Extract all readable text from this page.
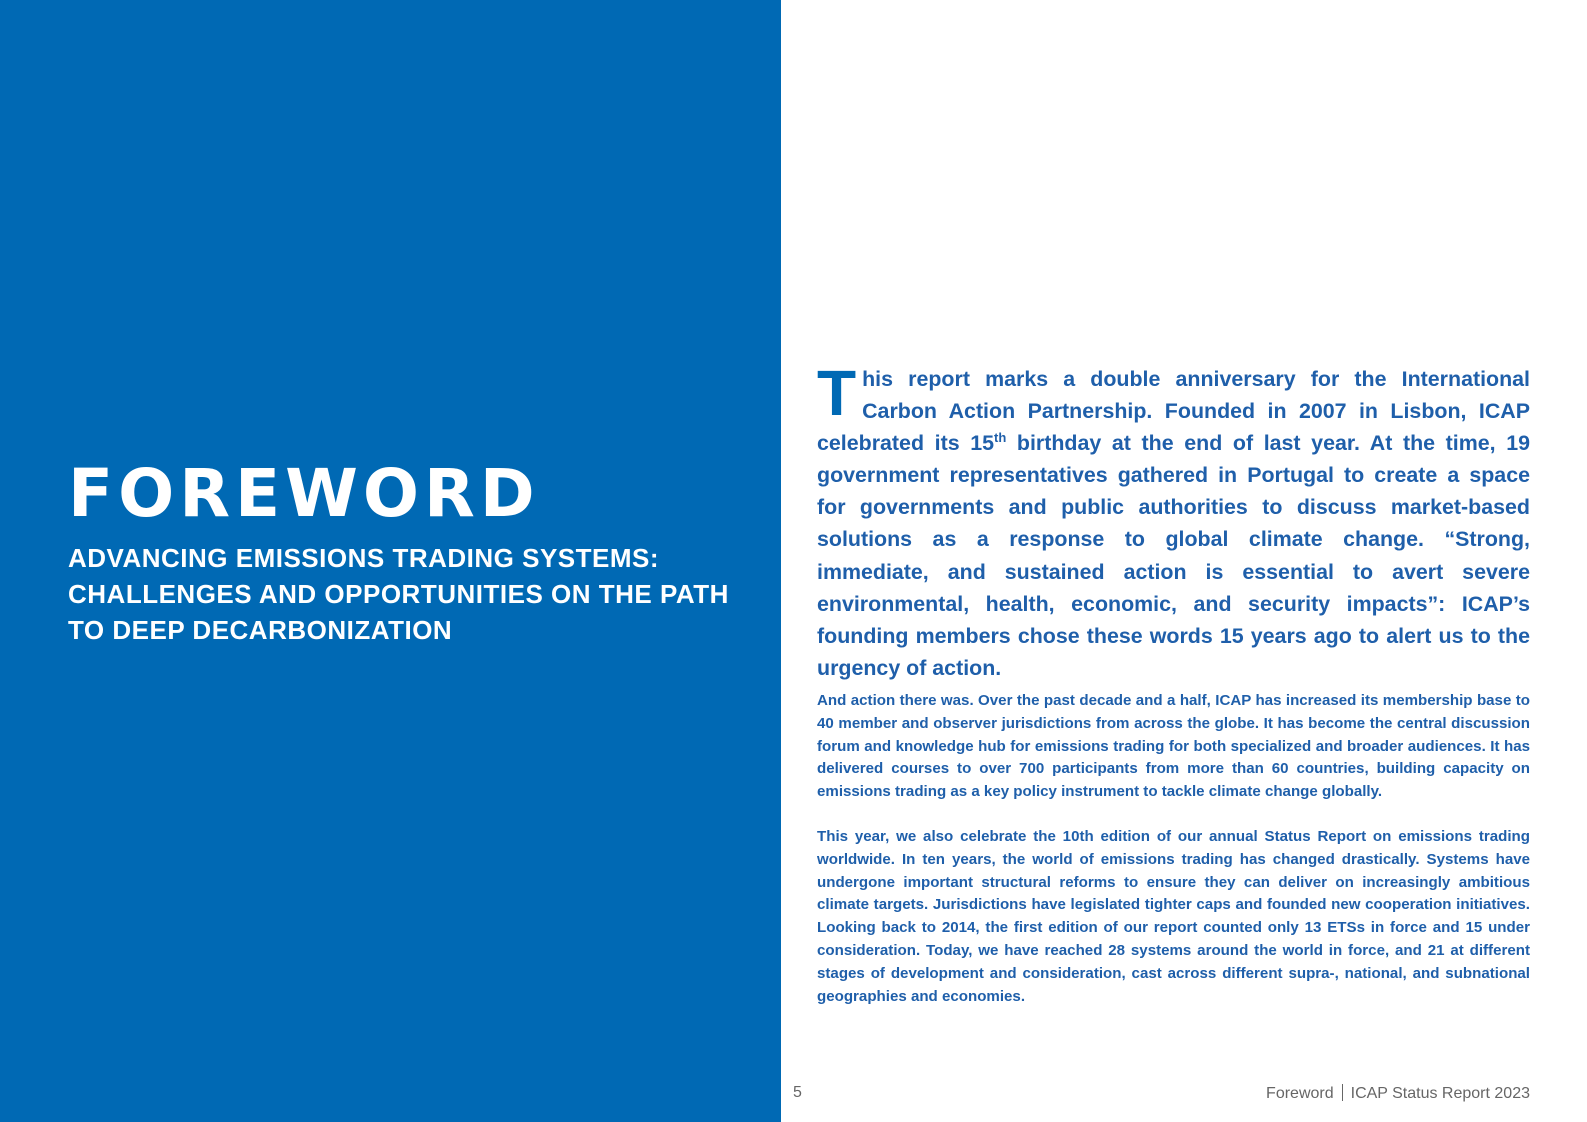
FOREWORD
ADVANCING EMISSIONS TRADING SYSTEMS:
CHALLENGES AND OPPORTUNITIES ON THE PATH
TO DEEP DECARBONIZATION

This report marks a double anniversary for the International Carbon Action Partnership. Founded in 2007 in Lisbon, ICAP celebrated its 15th birthday at the end of last year. At the time, 19 government representatives gathered in Portugal to create a space for governments and public authorities to discuss market-based solutions as a response to global climate change. “Strong, immediate, and sustained action is essential to avert severe environmental, health, economic, and security impacts”: ICAP’s founding members chose these words 15 years ago to alert us to the urgency of action.

And action there was. Over the past decade and a half, ICAP has increased its membership base to 40 member and observer jurisdictions from across the globe. It has become the central discussion forum and knowledge hub for emissions trading for both specialized and broader audiences. It has delivered courses to over 700 participants from more than 60 countries, building capacity on emissions trading as a key policy instrument to tackle climate change globally.

This year, we also celebrate the 10th edition of our annual Status Report on emissions trading worldwide. In ten years, the world of emissions trading has changed drastically. Systems have undergone important structural reforms to ensure they can deliver on increasingly ambitious climate targets. Jurisdictions have legislated tighter caps and founded new cooperation initiatives. Looking back to 2014, the first edition of our report counted only 13 ETSs in force and 15 under consideration. Today, we have reached 28 systems around the world in force, and 21 at different stages of development and consideration, cast across different supra-, national, and subnational geographies and economies.

5	Foreword ICAP Status Report 2023
